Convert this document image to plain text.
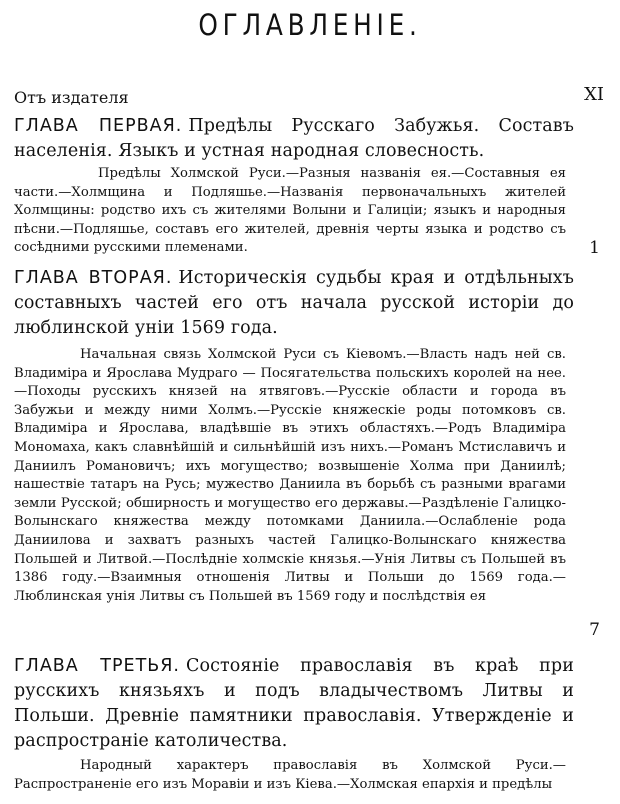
ОГЛАВЛЕНIЕ.
Отъ издателя	XI
ГЛАВА ПЕРВАЯ. Предѣлы Русскаго Забужья. Составъ населенiя. Языкъ и устная народная словесность.
Предѣлы Холмской Руси.—Разныя названiя ея.—Составныя ея части.—Холмщина и Подляшье.—Названiя первоначальныхъ жителей Холмщины: родство ихъ съ жителями Волыни и Галицiи; языкъ и народныя пѣсни.—Подляшье, составъ его жителей, древнiя черты языка и родство съ сосѣдними русскими племенами.	1
ГЛАВА ВТОРАЯ. Историческiя судьбы края и отдѣльныхъ составныхъ частей его отъ начала русской исторiи до люблинской унiи 1569 года.
Начальная связь Холмской Руси съ Кiевомъ.—Власть надъ ней св. Владимiра и Ярослава Мудраго — Посягательства польскихъ королей на нее.—Походы русскихъ князей на ятвяговъ.—Русскiе области и города въ Забужьи и между ними Холмъ.—Русскiе княжескiе роды потомковъ св. Владимiра и Ярослава, владѣвшiе въ этихъ областяхъ.—Родъ Владимiра Мономаха, какъ славнѣйшiй и сильнѣйшiй изъ нихъ.—Романъ Мстиславичъ и Даниилъ Романовичъ; ихъ могущество; возвышенiе Холма при Даниилѣ; нашествiе татаръ на Русь; мужество Даниила въ борьбѣ съ разными врагами земли Русской; обширность и могущество его державы.—Раздѣленiе Галицко-Волынскаго княжества между потомками Даниила.—Ослабленiе рода Даниилова и захватъ разныхъ частей Галицко-Волынскаго княжества Польшей и Литвой.—Послѣднiе холмскiе князья.—Унiя Литвы съ Польшей въ 1386 году.—Взаимныя отношенiя Литвы и Польши до 1569 года.—Люблинская унiя Литвы съ Польшей въ 1569 году и послѣдствiя ея
7
ГЛАВА ТРЕТЬЯ. Состоянiе православiя въ краѣ при русскихъ князьяхъ и подъ владычествомъ Литвы и Польши. Древнiе памятники православiя. Утвержденiе и распространiе католичества.
Народный характеръ православiя въ Холмской Руси.—Распространенiе его изъ Моравiи и изъ Кiева.—Холмская епархiя и предѣлы
